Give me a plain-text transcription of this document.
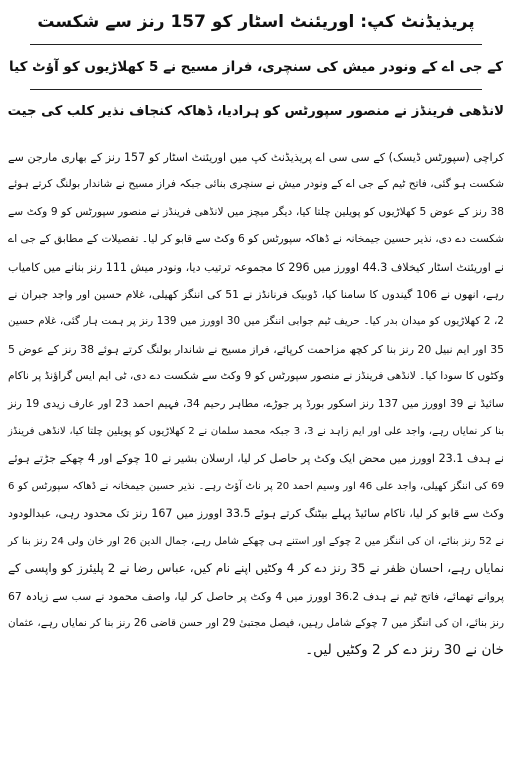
پریذیڈنٹ کپ: اوریئنٹ اسٹار کو 157 رنز سے شکست

کے جی اے کے ونودر میش کی سنچری، فراز مسیح نے 5 کھلاڑیوں کو آؤٹ کیا

لانڈھی فرینڈز نے منصور سپورٹس کو ہرادیا، ڈھاکہ کنجاف نذیر کلب کی جیت

کراچی (سپورٹس ڈیسک) کے سی سی اے پریذیڈنٹ کپ میں اوریئنٹ اسٹار کو 157 رنز کے بھاری مارجن سے

شکست ہو گئی، فاتح ٹیم کے جی اے کے ونودر میش نے سنچری بنائی جبکہ فراز مسیح نے شاندار بولنگ کرتے ہوئے

38 رنز کے عوض 5 کھلاڑیوں کو پویلین چلتا کیا، دیگر میچز میں لانڈھی فرینڈز نے منصور سپورٹس کو 9 وکٹ سے

شکست دے دی، نذیر حسین جیمخانہ نے ڈھاکہ سپورٹس کو 6 وکٹ سے قابو کر لیا۔ تفصیلات کے مطابق کے جی اے

نے اوریئنٹ اسٹار کیخلاف 44.3 اوورز میں 296 کا مجموعہ ترتیب دیا، ونودر میش 111 رنز بنانے میں کامیاب

رہے، انھوں نے 106 گیندوں کا سامنا کیا، ڈوبیک فرنانڈز نے 51 کی اننگز کھیلی، غلام حسین اور واجد جبران نے

2، 2 کھلاڑیوں کو میدان بدر کیا۔ حریف ٹیم جوابی اننگز میں 30 اوورز میں 139 رنز پر ہمت ہار گئی، غلام حسین

35 اور ایم نبیل 20 رنز بنا کر کچھ مزاحمت کرپائے، فراز مسیح نے شاندار بولنگ کرتے ہوئے 38 رنز کے عوض 5

وکٹوں کا سودا کیا۔ لانڈھی فرینڈز نے منصور سپورٹس کو 9 وکٹ سے شکست دے دی، ٹی ایم ایس گراؤنڈ پر ناکام

سائیڈ نے 39 اوورز میں 137 رنز اسکور بورڈ پر جوڑے، مطاہر رحیم 34، فہیم احمد 23 اور عارف زیدی 19 رنز

بنا کر نمایاں رہے، واجد علی اور ایم زاہد نے 3، 3 جبکہ محمد سلمان نے 2 کھلاڑیوں کو پویلین چلتا کیا، لانڈھی فرینڈز

نے ہدف 23.1 اوورز میں محض ایک وکٹ پر حاصل کر لیا، ارسلان بشیر نے 10 چوکے اور 4 چھکے جڑتے ہوئے

69 کی اننگز کھیلی، واجد علی 46 اور وسیم احمد 20 پر ناٹ آؤٹ رہے۔ نذیر حسین جیمخانہ نے ڈھاکہ سپورٹس کو 6

وکٹ سے قابو کر لیا، ناکام سائیڈ پہلے بیٹنگ کرتے ہوئے 33.5 اوورز میں 167 رنز تک محدود رہی، عبدالودود

نے 52 رنز بنائے، ان کی اننگز میں 2 چوکے اور استنے ہی چھکے شامل رہے، جمال الدین 26 اور خان ولی 24 رنز بنا کر

نمایاں رہے، احسان ظفر نے 35 رنز دے کر 4 وکٹیں اپنے نام کیں، عباس رضا نے 2 پلیئرز کو واپسی کے

پروانے تھمائے، فاتح ٹیم نے ہدف 36.2 اوورز میں 4 وکٹ پر حاصل کر لیا، واصف محمود نے سب سے زیادہ 67

رنز بنائے، ان کی اننگز میں 7 چوکے شامل رہیں، فیصل مجتبیٰ 29 اور حسن قاضی 26 رنز بنا کر نمایاں رہے، عثمان

خان نے 30 رنز دے کر 2 وکٹیں لیں۔
